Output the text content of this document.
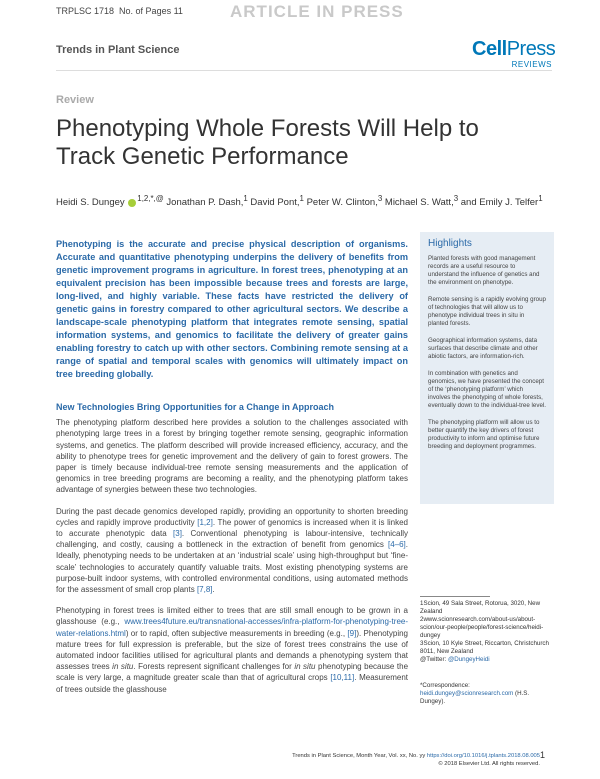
TRPLSC 1718 No. of Pages 11	ARTICLE IN PRESS
Trends in Plant Science	CellPress
REVIEWS
Review
Phenotyping Whole Forests Will Help to Track Genetic Performance
Heidi S. Dungey $^{1,2,*,@}$ Jonathan P. Dash,$^1$ David Pont,$^1$ Peter W. Clinton,$^3$ Michael S. Watt,$^3$ and Emily J. Telfer$^1$
Phenotyping is the accurate and precise physical description of organisms. Accurate and quantitative phenotyping underpins the delivery of benefits from genetic improvement programs in agriculture. In forest trees, phenotyping at an equivalent precision has been impossible because trees and forests are large, long-lived, and highly variable. These facts have restricted the delivery of genetic gains in forestry compared to other agricultural sectors. We describe a landscape-scale phenotyping platform that integrates remote sensing, spatial information systems, and genomics to facilitate the delivery of greater gains enabling forestry to catch up with other sectors. Combining remote sensing at a range of spatial and temporal scales with genomics will ultimately impact on tree breeding globally.
New Technologies Bring Opportunities for a Change in Approach

The phenotyping platform described here provides a solution to the challenges associated with phenotyping large trees in a forest by bringing together remote sensing, geographic information systems, and genetics. The platform described will provide increased efficiency, accuracy, and the ability to phenotype trees for genetic improvement and the delivery of gain to forest growers. The paper is timely because individual-tree remote sensing measurements and the application of genomics in tree breeding programs are becoming a reality, and the phenotyping platform takes advantage of synergies between these two technologies.

During the past decade genomics developed rapidly, providing an opportunity to shorten breeding cycles and rapidly improve productivity [1,2]. The power of genomics is increased when it is linked to accurate phenotypic data [3]. Conventional phenotyping is labour-intensive, technically challenging, and costly, causing a bottleneck in the extraction of benefit from genomics [4–6]. Ideally, phenotyping needs to be undertaken at an ‘industrial scale’ using high-throughput but ‘fine-scale’ technologies to accurately quantify valuable traits. Most existing phenotyping systems are purpose-built indoor systems, with controlled environmental conditions, using automated methods for the assessment of small crop plants [7,8].

Phenotyping in forest trees is limited either to trees that are still small enough to be grown in a glasshouse (e.g., www.trees4future.eu/transnational-accesses/infra-platform-for-phenotyping-tree-water-relations.html) or to rapid, often subjective measurements in breeding (e.g., [9]). Phenotyping mature trees for full expression is preferable, but the size of forest trees constrains the use of automated indoor facilities utilised for agricultural plants and demands a phenotyping system that assesses trees in situ. Forests represent significant challenges for in situ phenotyping because the scale is very large, a magnitude greater scale than that of agricultural crops [10,11]. Measurement of trees outside the glasshouse

Highlights
Planted forests with good management records are a useful resource to understand the influence of genetics and the environment on phenotype.
Remote sensing is a rapidly evolving group of technologies that will allow us to phenotype individual trees in situ in planted forests.
Geographical information systems, data surfaces that describe climate and other abiotic factors, are information-rich.
In combination with genetics and genomics, we have presented the concept of the ‘phenotyping platform’ which involves the phenotyping of whole forests, eventually down to the individual-tree level.
The phenotyping platform will allow us to better quantify the key drivers of forest productivity to inform and optimise future breeding and deployment programmes.
1Scion, 49 Sala Street, Rotorua, 3020, New Zealand
2www.scionresearch.com/about-us/about-scion/our-people/people/forest-science/heidi-dungey
3Scion, 10 Kyle Street, Riccarton, Christchurch 8011, New Zealand
@Twitter: @DungeyHeidi
*Correspondence:
heidi.dungey@scionresearch.com (H.S. Dungey).
Trends in Plant Science, Month Year, Vol. xx, No. yy https://doi.org/10.1016/j.tplants.2018.08.005
© 2018 Elsevier Ltd. All rights reserved.
1
